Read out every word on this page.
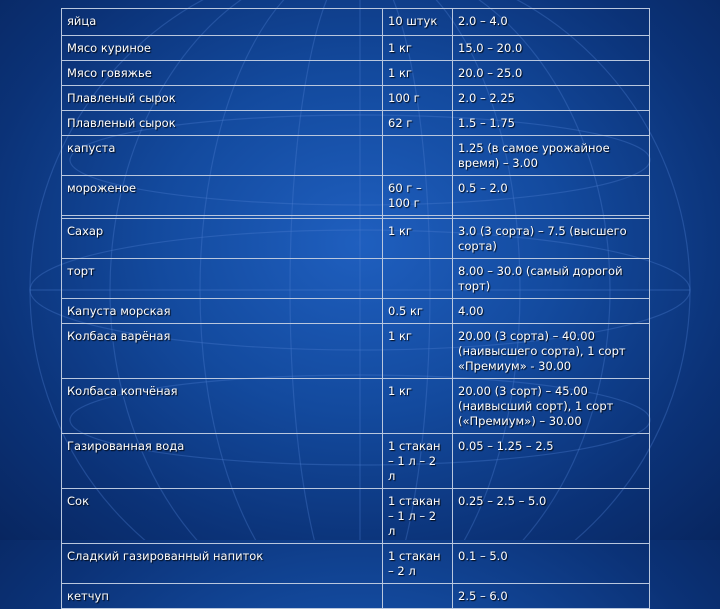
яйца	10 штук	2.0 – 4.0
Мясо куриное	1 кг	15.0 – 20.0
Мясо говяжье	1 кг	20.0 – 25.0
Плавленый сырок	100 г	2.0 – 2.25
Плавленый сырок	62 г	1.5 – 1.75
капуста		1.25 (в самое урожайное время) – 3.00
мороженое	60 г – 100 г	0.5 – 2.0

Сахар	1 кг	3.0 (3 сорта) – 7.5 (высшего сорта)
торт		8.00 – 30.0 (самый дорогой торт)
Капуста морская	0.5 кг	4.00
Колбаса варёная	1 кг	20.00 (3 сорта) – 40.00 (наивысшего сорта), 1 сорт «Премиум» - 30.00
Колбаса копчёная	1 кг	20.00 (3 сорт) – 45.00 (наивысший сорт), 1 сорт («Премиум») – 30.00
Газированная вода	1 стакан – 1 л – 2 л	0.05 – 1.25 – 2.5
Сок	1 стакан – 1 л – 2 л	0.25 – 2.5 – 5.0
Сладкий газированный напиток	1 стакан – 2 л	0.1 – 5.0
кетчуп		2.5 – 6.0
